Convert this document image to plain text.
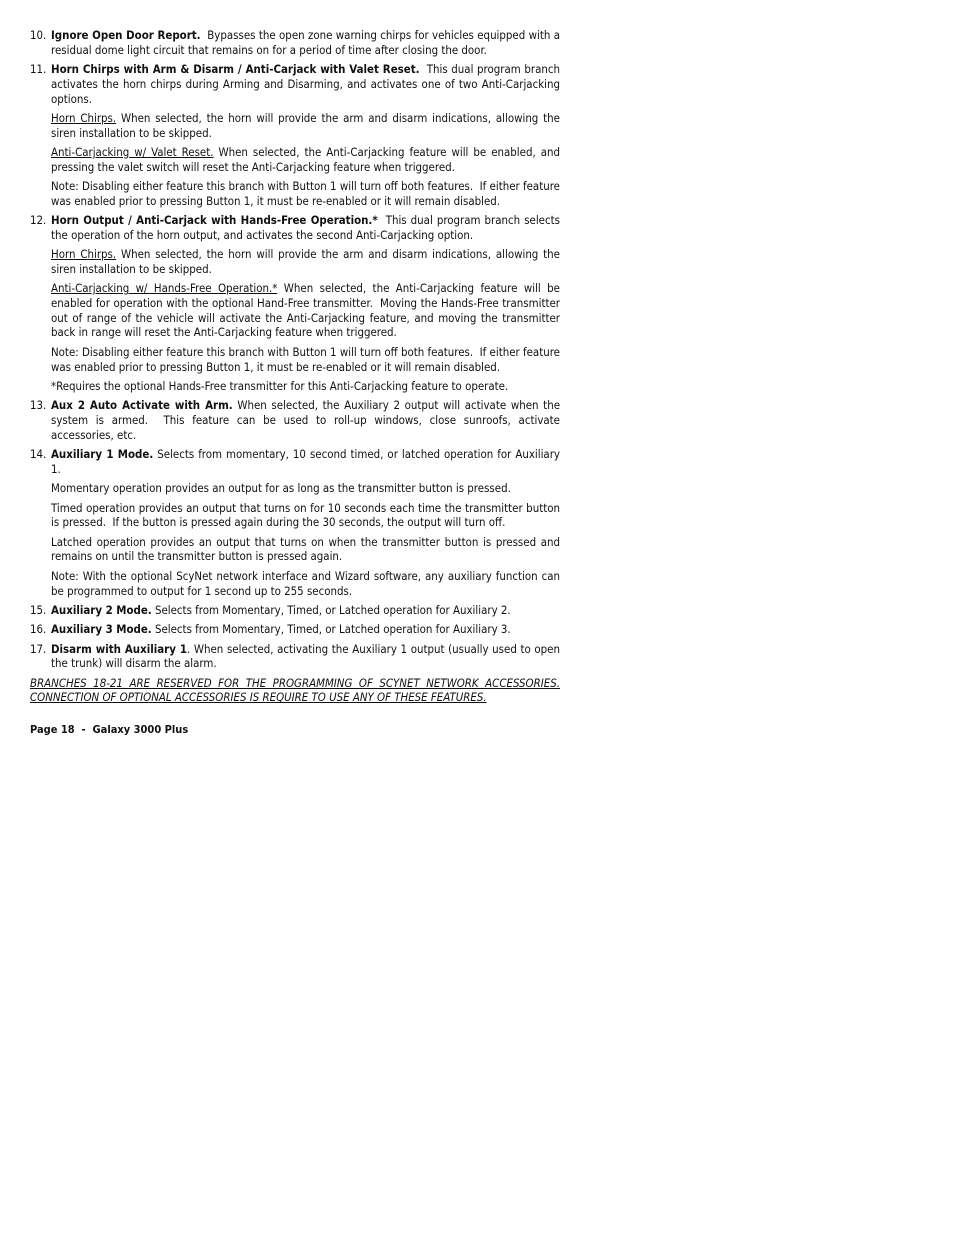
10. Ignore Open Door Report.  Bypasses the open zone warning chirps for vehicles equipped with a residual dome light circuit that remains on for a period of time after closing the door.
11. Horn Chirps with Arm & Disarm / Anti-Carjack with Valet Reset.  This dual program branch activates the horn chirps during Arming and Disarming, and activates one of two Anti-Carjacking options.
Horn Chirps. When selected, the horn will provide the arm and disarm indications, allowing the siren installation to be skipped.
Anti-Carjacking w/ Valet Reset. When selected, the Anti-Carjacking feature will be enabled, and pressing the valet switch will reset the Anti-Carjacking feature when triggered.
Note: Disabling either feature this branch with Button 1 will turn off both features.  If either feature was enabled prior to pressing Button 1, it must be re-enabled or it will remain disabled.
12. Horn Output / Anti-Carjack with Hands-Free Operation.*  This dual program branch selects the operation of the horn output, and activates the second Anti-Carjacking option.
Horn Chirps. When selected, the horn will provide the arm and disarm indications, allowing the siren installation to be skipped.
Anti-Carjacking w/ Hands-Free Operation.* When selected, the Anti-Carjacking feature will be enabled for operation with the optional Hand-Free transmitter.  Moving the Hands-Free transmitter out of range of the vehicle will activate the Anti-Carjacking feature, and moving the transmitter back in range will reset the Anti-Carjacking feature when triggered.
Note: Disabling either feature this branch with Button 1 will turn off both features.  If either feature was enabled prior to pressing Button 1, it must be re-enabled or it will remain disabled.
*Requires the optional Hands-Free transmitter for this Anti-Carjacking feature to operate.
13. Aux 2 Auto Activate with Arm. When selected, the Auxiliary 2 output will activate when the system is armed.  This feature can be used to roll-up windows, close sunroofs, activate accessories, etc.
14. Auxiliary 1 Mode. Selects from momentary, 10 second timed, or latched operation for Auxiliary 1.
Momentary operation provides an output for as long as the transmitter button is pressed.
Timed operation provides an output that turns on for 10 seconds each time the transmitter button is pressed.  If the button is pressed again during the 30 seconds, the output will turn off.
Latched operation provides an output that turns on when the transmitter button is pressed and remains on until the transmitter button is pressed again.
Note: With the optional ScyNet network interface and Wizard software, any auxiliary function can be programmed to output for 1 second up to 255 seconds.
15. Auxiliary 2 Mode. Selects from Momentary, Timed, or Latched operation for Auxiliary 2.
16. Auxiliary 3 Mode. Selects from Momentary, Timed, or Latched operation for Auxiliary 3.
17. Disarm with Auxiliary 1. When selected, activating the Auxiliary 1 output (usually used to open the trunk) will disarm the alarm.
BRANCHES 18-21 ARE RESERVED FOR THE PROGRAMMING OF SCYNET NETWORK ACCESSORIES. CONNECTION OF OPTIONAL ACCESSORIES IS REQUIRE TO USE ANY OF THESE FEATURES.
Page 18  -  Galaxy 3000 Plus
